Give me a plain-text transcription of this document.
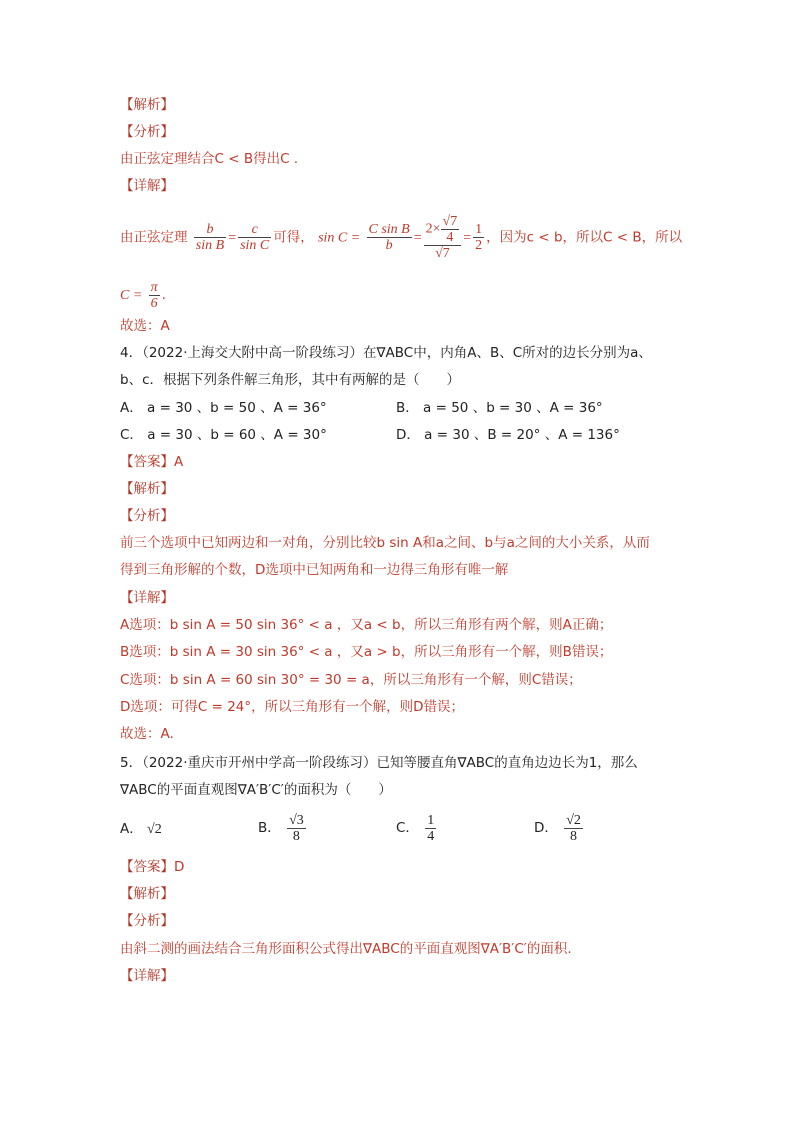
【解析】
【分析】
由正弦定理结合C < B得出C .
【详解】
由正弦定理 $\frac{b}{\text{sin B}} = \frac{c}{\text{sin C}}$ 可得， $\sin C = \frac{\text{C sin B}}{b} = \frac{2\times \frac{√7}{4}}{√7} = \frac{1}{2}$ ，因为c < b，所以C < B，所以
$C = \frac{\pi}{6}$ .
故选：A
4．（2022·上海交大附中高一阶段练习）在∇ABC中，内角A、B、C所对的边长分别为a、
b、c．根据下列条件解三角形，其中有两解的是（　　）
A． a = 30 、b = 50 、A = 36°	B． a = 50 、b = 30 、A = 36°
C． a = 30 、b = 60 、A = 30°	D． a = 30 、B = 20° 、A = 136°
【答案】A
【解析】
【分析】
前三个选项中已知两边和一对角，分别比较b sin A和a之间、b与a之间的大小关系，从而
得到三角形解的个数，D选项中已知两角和一边得三角形有唯一解
【详解】
A选项：b sin A = 50 sin 36° < a ，又a < b，所以三角形有两个解，则A正确；
B选项：b sin A = 30 sin 36° < a ，又a > b，所以三角形有一个解，则B错误；
C选项：b sin A = 60 sin 30° = 30 = a，所以三角形有一个解，则C错误；
D选项：可得C = 24°，所以三角形有一个解，则D错误；
故选：A.
5．（2022·重庆市开州中学高一阶段练习）已知等腰直角∇ABC的直角边边长为1，那么
∇ABC的平面直观图∇A′B′C′的面积为（　　）
A． √2	B． $\frac{√3}{8}$	C． $\frac{1}{4}$	D． $\frac{√2}{8}$
【答案】D
【解析】
【分析】
由斜二测的画法结合三角形面积公式得出∇ABC的平面直观图∇A′B′C′的面积.
【详解】
